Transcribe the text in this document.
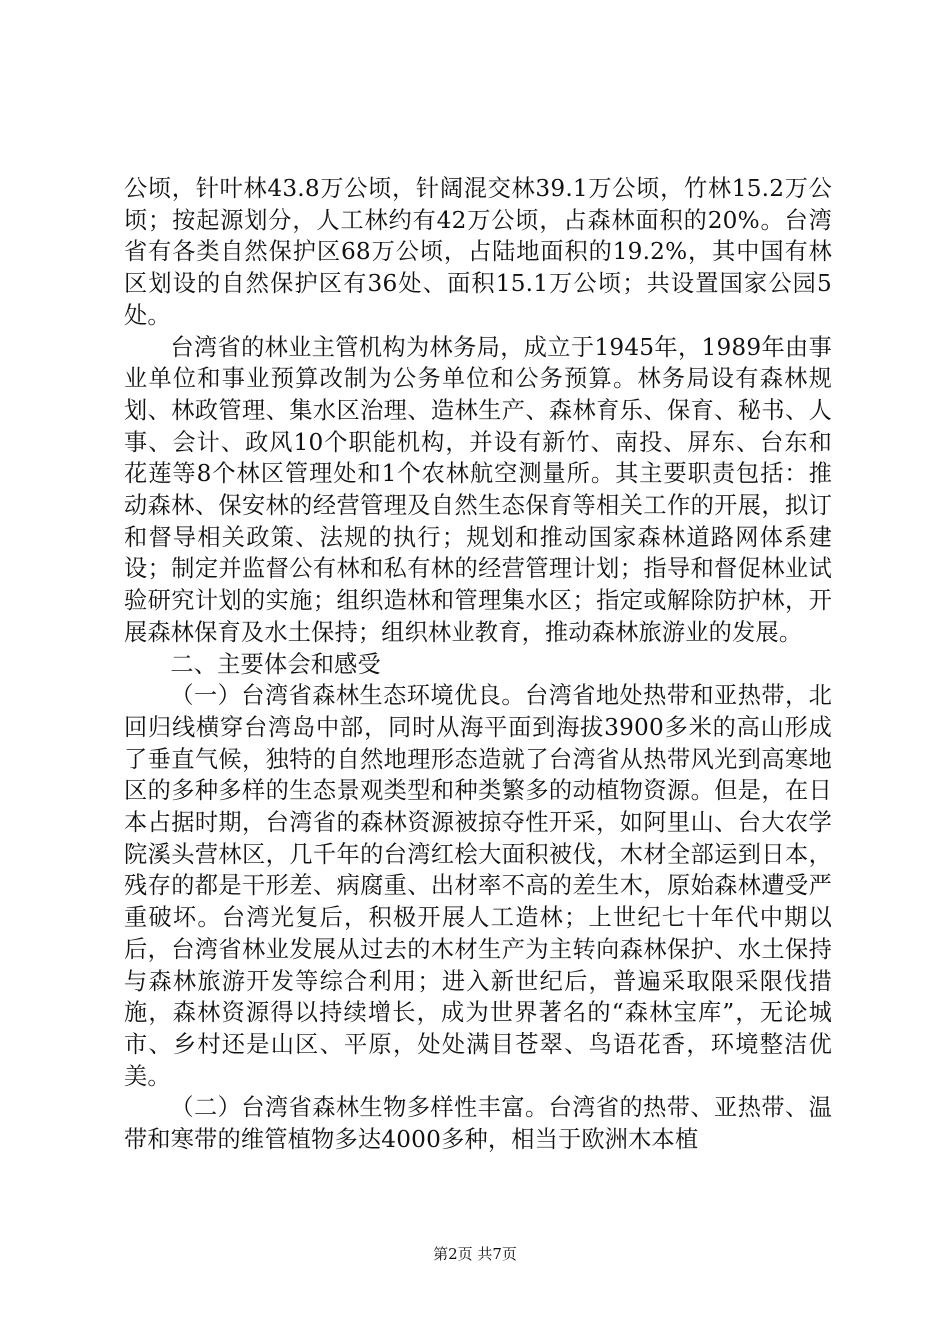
公顷，针叶林43.8万公顷，针阔混交林39.1万公顷，竹林15.2万公顷；按起源划分，人工林约有42万公顷，占森林面积的20%。台湾省有各类自然保护区68万公顷，占陆地面积的19.2%，其中国有林区划设的自然保护区有36处、面积15.1万公顷；共设置国家公园5处。

台湾省的林业主管机构为林务局，成立于1945年，1989年由事业单位和事业预算改制为公务单位和公务预算。林务局设有森林规划、林政管理、集水区治理、造林生产、森林育乐、保育、秘书、人事、会计、政风10个职能机构，并设有新竹、南投、屏东、台东和花莲等8个林区管理处和1个农林航空测量所。其主要职责包括：推动森林、保安林的经营管理及自然生态保育等相关工作的开展，拟订和督导相关政策、法规的执行；规划和推动国家森林道路网体系建设；制定并监督公有林和私有林的经营管理计划；指导和督促林业试验研究计划的实施；组织造林和管理集水区；指定或解除防护林，开展森林保育及水土保持；组织林业教育，推动森林旅游业的发展。

二、主要体会和感受

（一）台湾省森林生态环境优良。台湾省地处热带和亚热带，北回归线横穿台湾岛中部，同时从海平面到海拔3900多米的高山形成了垂直气候，独特的自然地理形态造就了台湾省从热带风光到高寒地区的多种多样的生态景观类型和种类繁多的动植物资源。但是，在日本占据时期，台湾省的森林资源被掠夺性开采，如阿里山、台大农学院溪头营林区，几千年的台湾红桧大面积被伐，木材全部运到日本，残存的都是干形差、病腐重、出材率不高的差生木，原始森林遭受严重破坏。台湾光复后，积极开展人工造林；上世纪七十年代中期以后，台湾省林业发展从过去的木材生产为主转向森林保护、水土保持与森林旅游开发等综合利用；进入新世纪后，普遍采取限采限伐措施，森林资源得以持续增长，成为世界著名的“森林宝库”，无论城市、乡村还是山区、平原，处处满目苍翠、鸟语花香，环境整洁优美。

（二）台湾省森林生物多样性丰富。台湾省的热带、亚热带、温带和寒带的维管植物多达4000多种，相当于欧洲木本植

第2页 共7页
